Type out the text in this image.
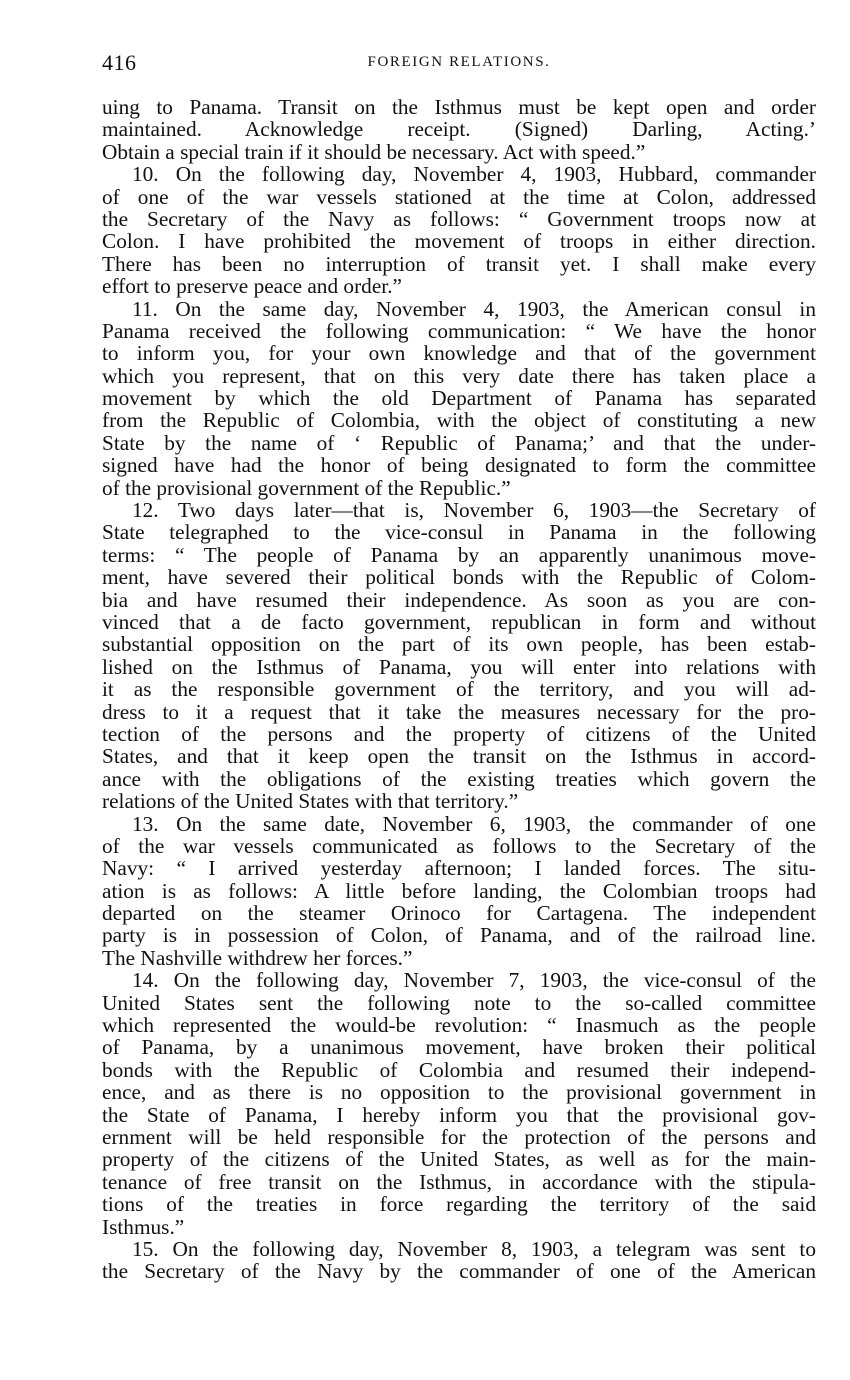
416	FOREIGN RELATIONS.
uing to Panama. Transit on the Isthmus must be kept open and order
maintained. Acknowledge receipt. (Signed) Darling, Acting.’
Obtain a special train if it should be necessary. Act with speed.”
10. On the following day, November 4, 1903, Hubbard, commander
of one of the war vessels stationed at the time at Colon, addressed
the Secretary of the Navy as follows: “ Government troops now at
Colon. I have prohibited the movement of troops in either direction.
There has been no interruption of transit yet. I shall make every
effort to preserve peace and order.”
11. On the same day, November 4, 1903, the American consul in
Panama received the following communication: “ We have the honor
to inform you, for your own knowledge and that of the government
which you represent, that on this very date there has taken place a
movement by which the old Department of Panama has separated
from the Republic of Colombia, with the object of constituting a new
State by the name of ‘ Republic of Panama;’ and that the under-
signed have had the honor of being designated to form the committee
of the provisional government of the Republic.”
12. Two days later—that is, November 6, 1903—the Secretary of
State telegraphed to the vice-consul in Panama in the following
terms: “ The people of Panama by an apparently unanimous move-
ment, have severed their political bonds with the Republic of Colom-
bia and have resumed their independence. As soon as you are con-
vinced that a de facto government, republican in form and without
substantial opposition on the part of its own people, has been estab-
lished on the Isthmus of Panama, you will enter into relations with
it as the responsible government of the territory, and you will ad-
dress to it a request that it take the measures necessary for the pro-
tection of the persons and the property of citizens of the United
States, and that it keep open the transit on the Isthmus in accord-
ance with the obligations of the existing treaties which govern the
relations of the United States with that territory.”
13. On the same date, November 6, 1903, the commander of one
of the war vessels communicated as follows to the Secretary of the
Navy: “ I arrived yesterday afternoon; I landed forces. The situ-
ation is as follows: A little before landing, the Colombian troops had
departed on the steamer Orinoco for Cartagena. The independent
party is in possession of Colon, of Panama, and of the railroad line.
The Nashville withdrew her forces.”
14. On the following day, November 7, 1903, the vice-consul of the
United States sent the following note to the so-called committee
which represented the would-be revolution: “ Inasmuch as the people
of Panama, by a unanimous movement, have broken their political
bonds with the Republic of Colombia and resumed their independ-
ence, and as there is no opposition to the provisional government in
the State of Panama, I hereby inform you that the provisional gov-
ernment will be held responsible for the protection of the persons and
property of the citizens of the United States, as well as for the main-
tenance of free transit on the Isthmus, in accordance with the stipula-
tions of the treaties in force regarding the territory of the said
Isthmus.”
15. On the following day, November 8, 1903, a telegram was sent to
the Secretary of the Navy by the commander of one of the American
